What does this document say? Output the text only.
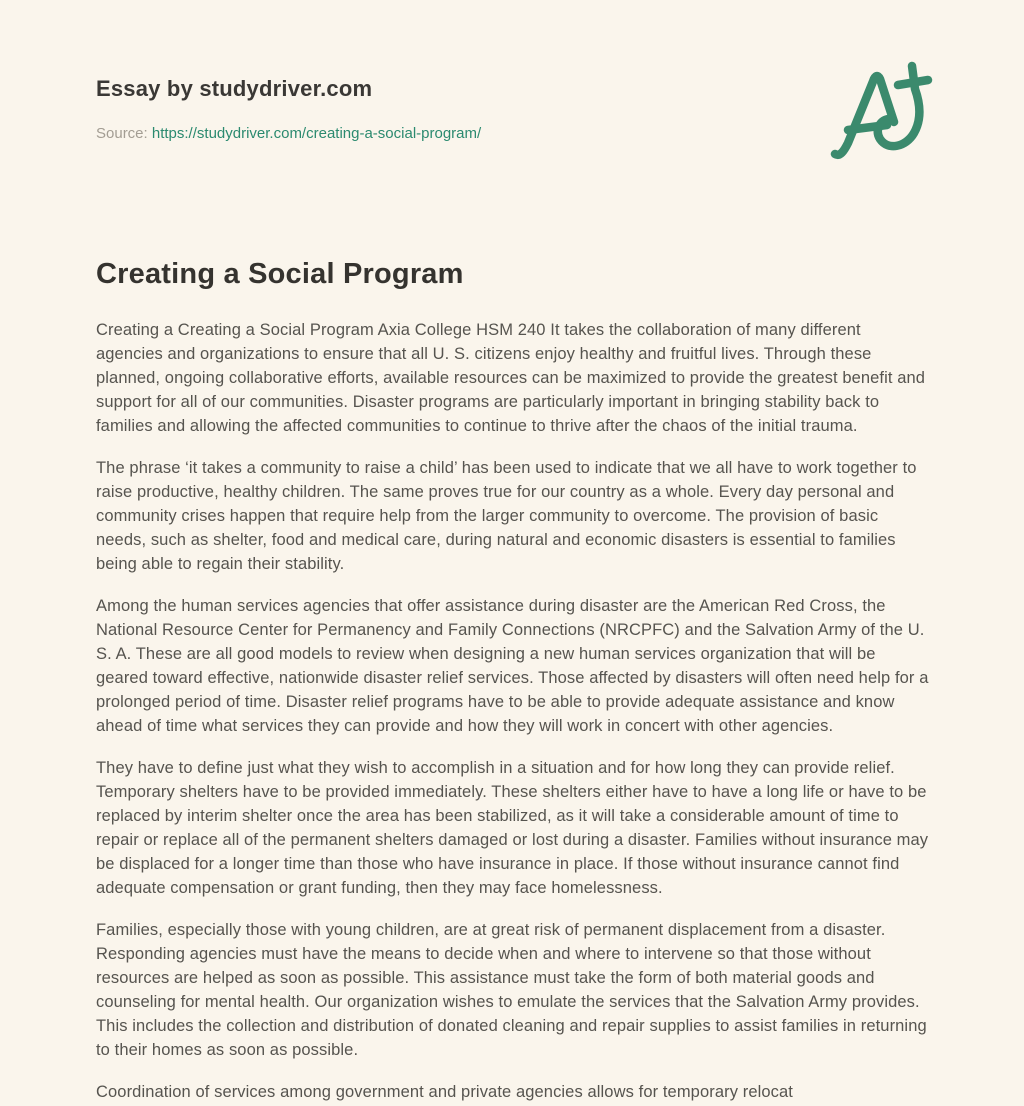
Essay by studydriver.com
Source: https://studydriver.com/creating-a-social-program/
Creating a Social Program

Creating a Creating a Social Program Axia College HSM 240 It takes the collaboration of many different agencies and organizations to ensure that all U. S. citizens enjoy healthy and fruitful lives. Through these planned, ongoing collaborative efforts, available resources can be maximized to provide the greatest benefit and support for all of our communities. Disaster programs are particularly important in bringing stability back to families and allowing the affected communities to continue to thrive after the chaos of the initial trauma.

The phrase ‘it takes a community to raise a child’ has been used to indicate that we all have to work together to raise productive, healthy children. The same proves true for our country as a whole. Every day personal and community crises happen that require help from the larger community to overcome. The provision of basic needs, such as shelter, food and medical care, during natural and economic disasters is essential to families being able to regain their stability.

Among the human services agencies that offer assistance during disaster are the American Red Cross, the National Resource Center for Permanency and Family Connections (NRCPFC) and the Salvation Army of the U. S. A. These are all good models to review when designing a new human services organization that will be geared toward effective, nationwide disaster relief services. Those affected by disasters will often need help for a prolonged period of time. Disaster relief programs have to be able to provide adequate assistance and know ahead of time what services they can provide and how they will work in concert with other agencies.

They have to define just what they wish to accomplish in a situation and for how long they can provide relief. Temporary shelters have to be provided immediately. These shelters either have to have a long life or have to be replaced by interim shelter once the area has been stabilized, as it will take a considerable amount of time to repair or replace all of the permanent shelters damaged or lost during a disaster. Families without insurance may be displaced for a longer time than those who have insurance in place. If those without insurance cannot find adequate compensation or grant funding, then they may face homelessness.

Families, especially those with young children, are at great risk of permanent displacement from a disaster. Responding agencies must have the means to decide when and where to intervene so that those without resources are helped as soon as possible. This assistance must take the form of both material goods and counseling for mental health. Our organization wishes to emulate the services that the Salvation Army provides. This includes the collection and distribution of donated cleaning and repair supplies to assist families in returning to their homes as soon as possible.

Coordination of services among government and private agencies allows for temporary relocat
